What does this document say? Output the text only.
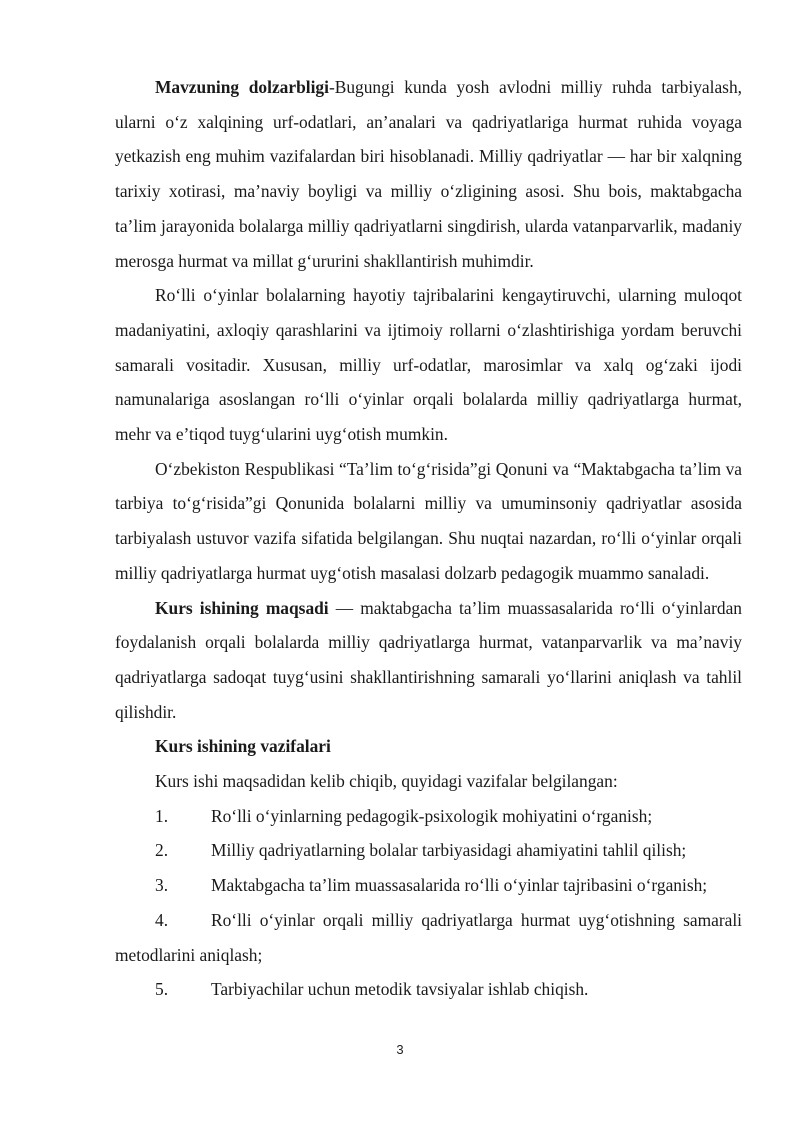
Mavzuning dolzarbligi-Bugungi kunda yosh avlodni milliy ruhda tarbiyalash, ularni o‘z xalqining urf-odatlari, an’analari va qadriyatlariga hurmat ruhida voyaga yetkazish eng muhim vazifalardan biri hisoblanadi. Milliy qadriyatlar — har bir xalqning tarixiy xotirasi, ma’naviy boyligi va milliy o‘zligining asosi. Shu bois, maktabgacha ta’lim jarayonida bolalarga milliy qadriyatlarni singdirish, ularda vatanparvarlik, madaniy merosga hurmat va millat g‘ururini shakllantirish muhimdir.

Ro‘lli o‘yinlar bolalarning hayotiy tajribalarini kengaytiruvchi, ularning muloqot madaniyatini, axloqiy qarashlarini va ijtimoiy rollarni o‘zlashtirishiga yordam beruvchi samarali vositadir. Xususan, milliy urf-odatlar, marosimlar va xalq og‘zaki ijodi namunalariga asoslangan ro‘lli o‘yinlar orqali bolalarda milliy qadriyatlarga hurmat, mehr va e’tiqod tuyg‘ularini uyg‘otish mumkin.

O‘zbekiston Respublikasi “Ta’lim to‘g‘risida”gi Qonuni va “Maktabgacha ta’lim va tarbiya to‘g‘risida”gi Qonunida bolalarni milliy va umuminsoniy qadriyatlar asosida tarbiyalash ustuvor vazifa sifatida belgilangan. Shu nuqtai nazardan, ro‘lli o‘yinlar orqali milliy qadriyatlarga hurmat uyg‘otish masalasi dolzarb pedagogik muammo sanaladi.

Kurs ishining maqsadi — maktabgacha ta’lim muassasalarida ro‘lli o‘yinlardan foydalanish orqali bolalarda milliy qadriyatlarga hurmat, vatanparvarlik va ma’naviy qadriyatlarga sadoqat tuyg‘usini shakllantirishning samarali yo‘llarini aniqlash va tahlil qilishdir.

Kurs ishining vazifalari

Kurs ishi maqsadidan kelib chiqib, quyidagi vazifalar belgilangan:

1. Ro‘lli o‘yinlarning pedagogik-psixologik mohiyatini o‘rganish;

2. Milliy qadriyatlarning bolalar tarbiyasidagi ahamiyatini tahlil qilish;

3. Maktabgacha ta’lim muassasalarida ro‘lli o‘yinlar tajribasini o‘rganish;

4. Ro‘lli o‘yinlar orqali milliy qadriyatlarga hurmat uyg‘otishning samarali metodlarini aniqlash;

5. Tarbiyachilar uchun metodik tavsiyalar ishlab chiqish.

3
